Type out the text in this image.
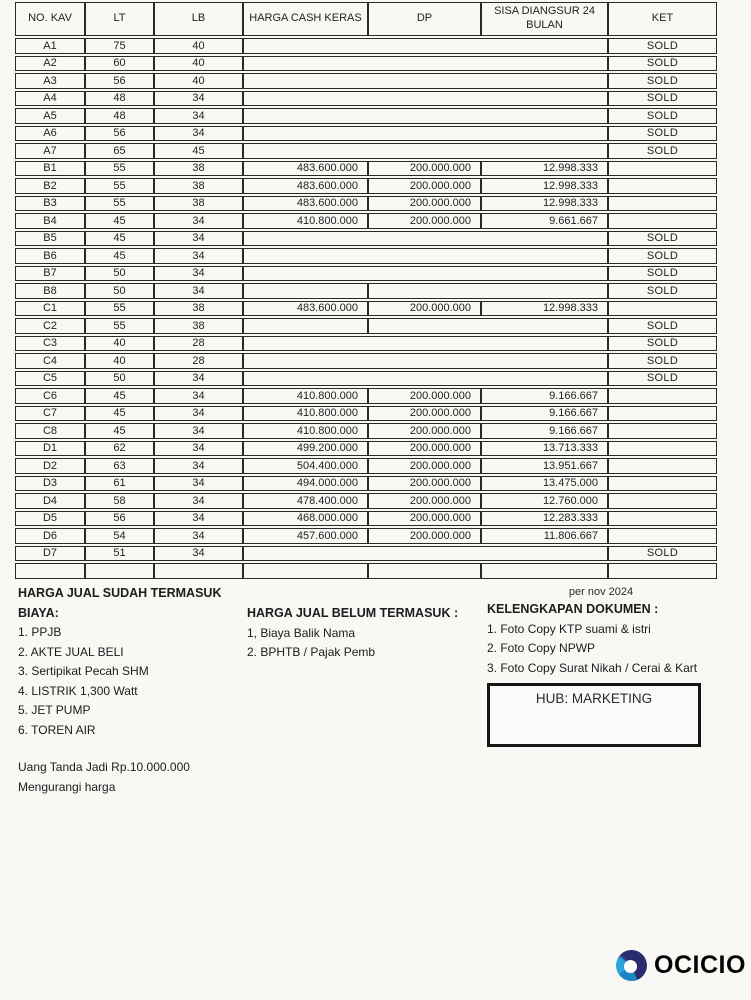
NO. KAV	LT	LB	HARGA CASH KERAS	DP	SISA DIANGSUR 24 BULAN	KET
A1	75	40				SOLD
A2	60	40				SOLD
A3	56	40				SOLD
A4	48	34				SOLD
A5	48	34				SOLD
A6	56	34				SOLD
A7	65	45				SOLD
B1	55	38	483.600.000	200.000.000	12.998.333	
B2	55	38	483.600.000	200.000.000	12.998.333	
B3	55	38	483.600.000	200.000.000	12.998.333	
B4	45	34	410.800.000	200.000.000	9.661.667	
B5	45	34				SOLD
B6	45	34				SOLD
B7	50	34				SOLD
B8	50	34				SOLD
C1	55	38	483.600.000	200.000.000	12.998.333	
C2	55	38				SOLD
C3	40	28				SOLD
C4	40	28				SOLD
C5	50	34				SOLD
C6	45	34	410.800.000	200.000.000	9.166.667	
C7	45	34	410.800.000	200.000.000	9.166.667	
C8	45	34	410.800.000	200.000.000	9.166.667	
D1	62	34	499.200.000	200.000.000	13.713.333	
D2	63	34	504.400.000	200.000.000	13.951.667	
D3	61	34	494.000.000	200.000.000	13.475.000	
D4	58	34	478.400.000	200.000.000	12.760.000	
D5	56	34	468.000.000	200.000.000	12.283.333	
D6	54	34	457.600.000	200.000.000	11.806.667	
D7	51	34				SOLD

HARGA JUAL SUDAH TERMASUK BIAYA:
1. PPJB
2. AKTE JUAL BELI
3. Sertipikat Pecah SHM
4. LISTRIK 1,300 Watt
5. JET PUMP
6. TOREN AIR
Uang Tanda Jadi Rp.10.000.000 Mengurangi harga
HARGA JUAL BELUM TERMASUK :
1, Biaya Balik Nama
2. BPHTB / Pajak Pemb
per nov 2024
KELENGKAPAN DOKUMEN :
1. Foto Copy KTP suami & istri
2. Foto Copy NPWP
3. Foto Copy Surat Nikah / Cerai & Kart
HUB: MARKETING
OCICIO
